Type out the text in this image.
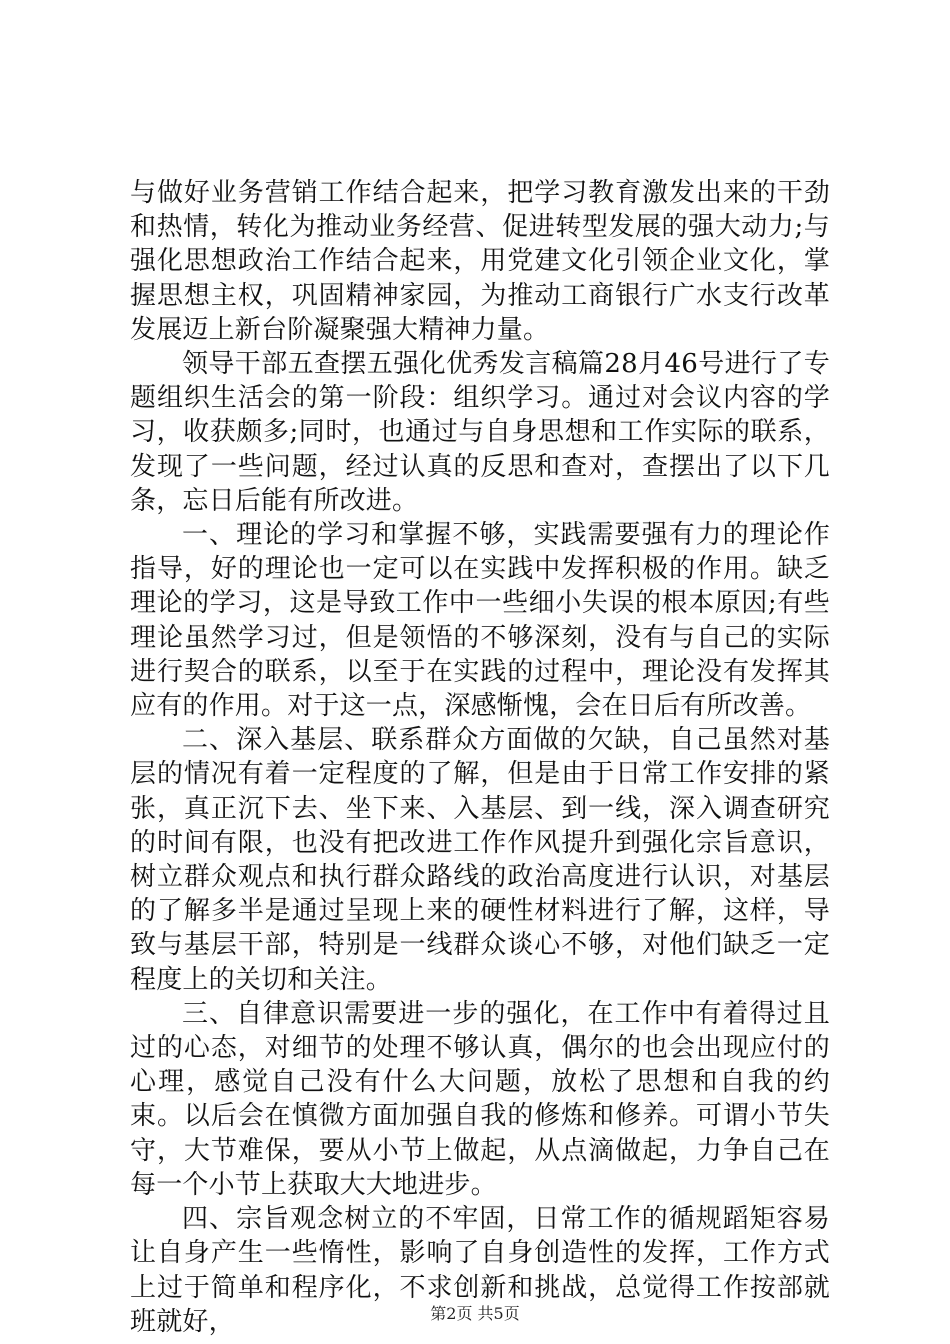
与做好业务营销工作结合起来，把学习教育激发出来的干劲和热情，转化为推动业务经营、促进转型发展的强大动力;与强化思想政治工作结合起来，用党建文化引领企业文化，掌握思想主权，巩固精神家园，为推动工商银行广水支行改革发展迈上新台阶凝聚强大精神力量。

领导干部五查摆五强化优秀发言稿篇28月46号进行了专题组织生活会的第一阶段：组织学习。通过对会议内容的学习，收获颇多;同时，也通过与自身思想和工作实际的联系，发现了一些问题，经过认真的反思和查对，查摆出了以下几条，忘日后能有所改进。

一、理论的学习和掌握不够，实践需要强有力的理论作指导，好的理论也一定可以在实践中发挥积极的作用。缺乏理论的学习，这是导致工作中一些细小失误的根本原因;有些理论虽然学习过，但是领悟的不够深刻，没有与自己的实际进行契合的联系，以至于在实践的过程中，理论没有发挥其应有的作用。对于这一点，深感惭愧，会在日后有所改善。

二、深入基层、联系群众方面做的欠缺，自己虽然对基层的情况有着一定程度的了解，但是由于日常工作安排的紧张，真正沉下去、坐下来、入基层、到一线，深入调查研究的时间有限，也没有把改进工作作风提升到强化宗旨意识，树立群众观点和执行群众路线的政治高度进行认识，对基层的了解多半是通过呈现上来的硬性材料进行了解，这样，导致与基层干部，特别是一线群众谈心不够，对他们缺乏一定程度上的关切和关注。

三、自律意识需要进一步的强化，在工作中有着得过且过的心态，对细节的处理不够认真，偶尔的也会出现应付的心理，感觉自己没有什么大问题，放松了思想和自我的约束。以后会在慎微方面加强自我的修炼和修养。可谓小节失守，大节难保，要从小节上做起，从点滴做起，力争自己在每一个小节上获取大大地进步。

四、宗旨观念树立的不牢固，日常工作的循规蹈矩容易让自身产生一些惰性，影响了自身创造性的发挥，工作方式上过于简单和程序化，不求创新和挑战，总觉得工作按部就班就好，	第2页 共5页
